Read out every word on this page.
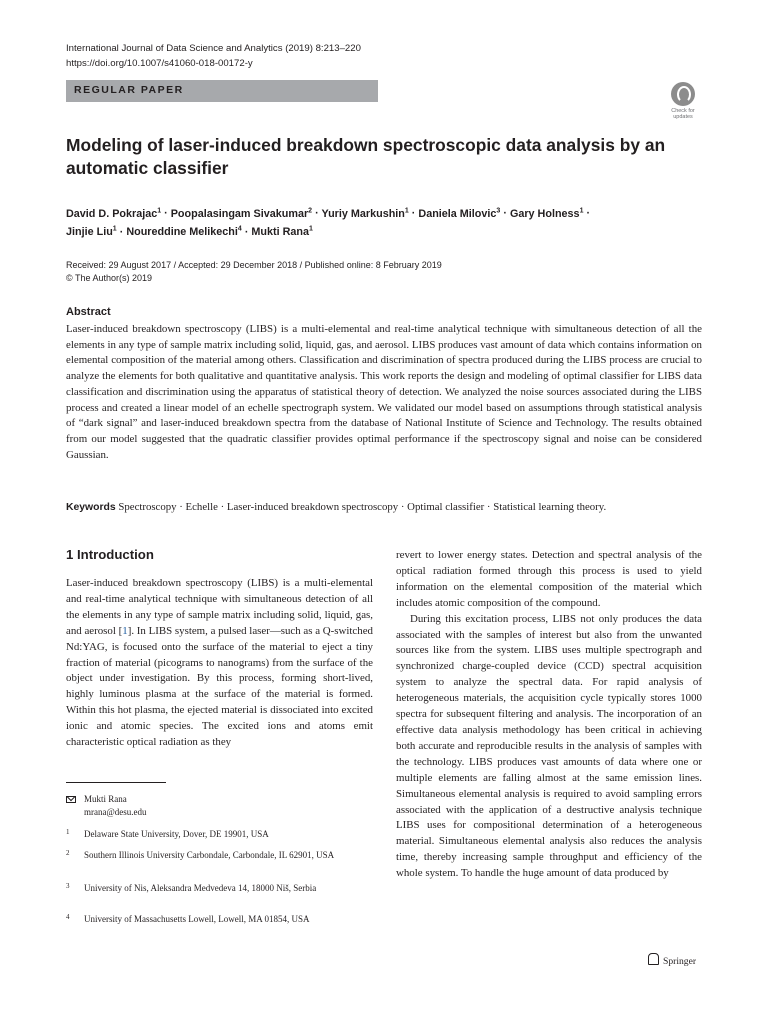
International Journal of Data Science and Analytics (2019) 8:213–220
https://doi.org/10.1007/s41060-018-00172-y
REGULAR PAPER
Check for
updates
Modeling of laser-induced breakdown spectroscopic data analysis by an automatic classifier
David D. Pokrajac$^1$ · Poopalasingam Sivakumar$^2$ · Yuriy Markushin$^1$ · Daniela Milovic$^3$ · Gary Holness$^1$ ·
Jinjie Liu$^1$ · Noureddine Melikechi$^4$ · Mukti Rana$^1$
Received: 29 August 2017 / Accepted: 29 December 2018 / Published online: 8 February 2019
© The Author(s) 2019
Abstract

Laser-induced breakdown spectroscopy (LIBS) is a multi-elemental and real-time analytical technique with simultaneous detection of all the elements in any type of sample matrix including solid, liquid, gas, and aerosol. LIBS produces vast amount of data which contains information on elemental composition of the material among others. Classification and discrimination of spectra produced during the LIBS process are crucial to analyze the elements for both qualitative and quantitative analysis. This work reports the design and modeling of optimal classifier for LIBS data classification and discrimination using the apparatus of statistical theory of detection. We analyzed the noise sources associated during the LIBS process and created a linear model of an echelle spectrograph system. We validated our model based on assumptions through statistical analysis of “dark signal” and laser-induced breakdown spectra from the database of National Institute of Science and Technology. The results obtained from our model suggested that the quadratic classifier provides optimal performance if the spectroscopy signal and noise can be considered Gaussian.

Keywords Spectroscopy · Echelle · Laser-induced breakdown spectroscopy · Optimal classifier · Statistical learning theory.
1 Introduction

Laser-induced breakdown spectroscopy (LIBS) is a multi-elemental and real-time analytical technique with simultaneous detection of all the elements in any type of sample matrix including solid, liquid, gas, and aerosol [1]. In LIBS system, a pulsed laser—such as a Q-switched Nd:YAG, is focused onto the surface of the material to eject a tiny fraction of material (picograms to nanograms) from the surface of the object under investigation. By this process, forming short-lived, highly luminous plasma at the surface of the material is formed. Within this hot plasma, the ejected material is dissociated into excited ionic and atomic species. The excited ions and atoms emit characteristic optical radiation as they

revert to lower energy states. Detection and spectral analysis of the optical radiation formed through this process is used to yield information on the elemental composition of the material which includes atomic composition of the compound.

During this excitation process, LIBS not only produces the data associated with the samples of interest but also from the unwanted sources like from the system. LIBS uses multiple spectrograph and synchronized charge-coupled device (CCD) spectral acquisition system to analyze the spectral data. For rapid analysis of heterogeneous materials, the acquisition cycle typically stores 1000 spectra for subsequent filtering and analysis. The incorporation of an effective data analysis methodology has been critical in achieving both accurate and reproducible results in the analysis of samples with the technology. LIBS produces vast amounts of data where one or multiple elements are falling almost at the same emission lines. Simultaneous elemental analysis is required to avoid sampling errors associated with the application of a destructive analysis technique LIBS uses for compositional determination of a heterogeneous material. Simultaneous elemental analysis also reduces the analysis time, thereby increasing sample throughput and efficiency of the whole system. To handle the huge amount of data produced by

Mukti Rana
mrana@desu.edu
1 Delaware State University, Dover, DE 19901, USA
2 Southern Illinois University Carbondale, Carbondale, IL 62901, USA
3 University of Nis, Aleksandra Medvedeva 14, 18000 Niš, Serbia
4 University of Massachusetts Lowell, Lowell, MA 01854, USA
Springer
